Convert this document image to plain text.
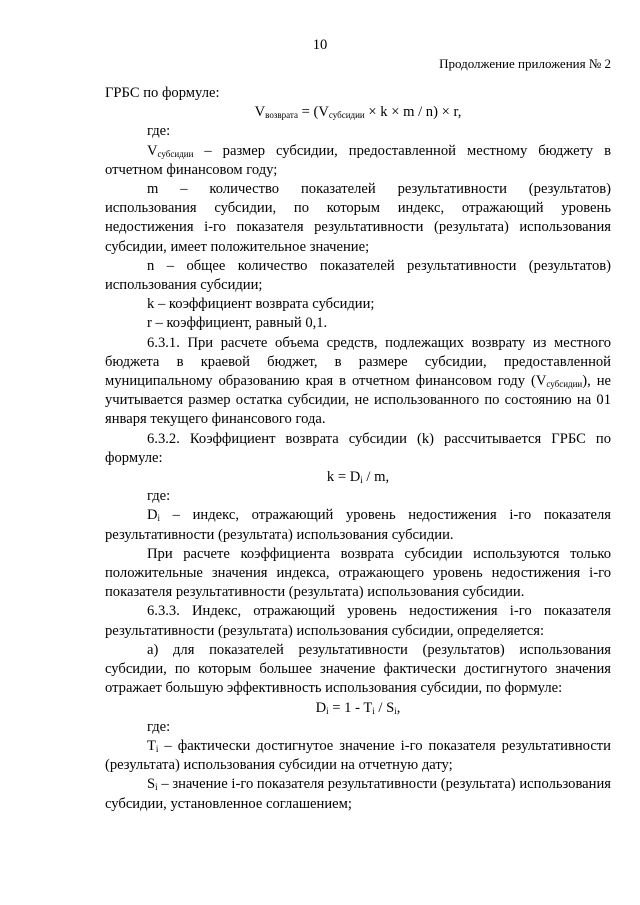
10
Продолжение приложения № 2

ГРБС по формуле:

$V_{возврата} = (V_{субсидии} \times k \times m / n) \times r$,

где:

$V_{субсидии}$ – размер субсидии, предоставленной местному бюджету в отчетном финансовом году;

m – количество показателей результативности (результатов) использования субсидии, по которым индекс, отражающий уровень недостижения i-го показателя результативности (результата) использования субсидии, имеет положительное значение;

n – общее количество показателей результативности (результатов) использования субсидии;

k – коэффициент возврата субсидии;

r – коэффициент, равный 0,1.

6.3.1. При расчете объема средств, подлежащих возврату из местного бюджета в краевой бюджет, в размере субсидии, предоставленной муниципальному образованию края в отчетном финансовом году $(V_{субсидии})$, не учитывается размер остатка субсидии, не использованного по состоянию на 01 января текущего финансового года.

6.3.2. Коэффициент возврата субсидии (k) рассчитывается ГРБС по формуле:

$k = D_i / m$,

где:

$D_i$ – индекс, отражающий уровень недостижения i-го показателя результативности (результата) использования субсидии.

При расчете коэффициента возврата субсидии используются только положительные значения индекса, отражающего уровень недостижения i-го показателя результативности (результата) использования субсидии.

6.3.3. Индекс, отражающий уровень недостижения i-го показателя результативности (результата) использования субсидии, определяется:

а) для показателей результативности (результатов) использования субсидии, по которым большее значение фактически достигнутого значения отражает большую эффективность использования субсидии, по формуле:

$D_i = 1 - T_i / S_i$,

где:

$T_i$ – фактически достигнутое значение i-го показателя результативности (результата) использования субсидии на отчетную дату;

$S_i$ – значение i-го показателя результативности (результата) использования субсидии, установленное соглашением;
